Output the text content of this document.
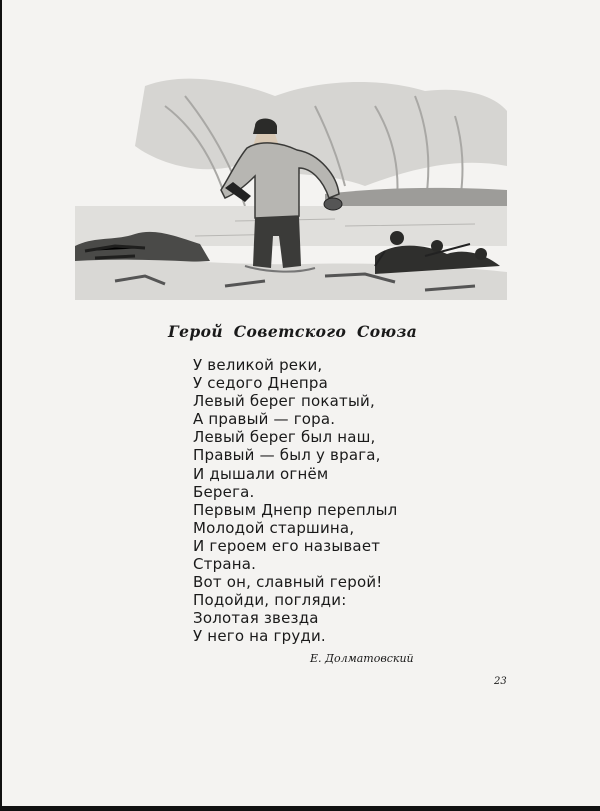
Герой Советского Союза
У великой реки,
У седого Днепра
Левый берег покатый,
А правый — гора.
Левый берег был наш,
Правый — был у врага,
И дышали огнём
Берега.
Первым Днепр переплыл
Молодой старшина,
И героем его называет
Страна.
Вот он, славный герой!
Подойди, погляди:
Золотая звезда
У него на груди.
Е. Долматовский
23
